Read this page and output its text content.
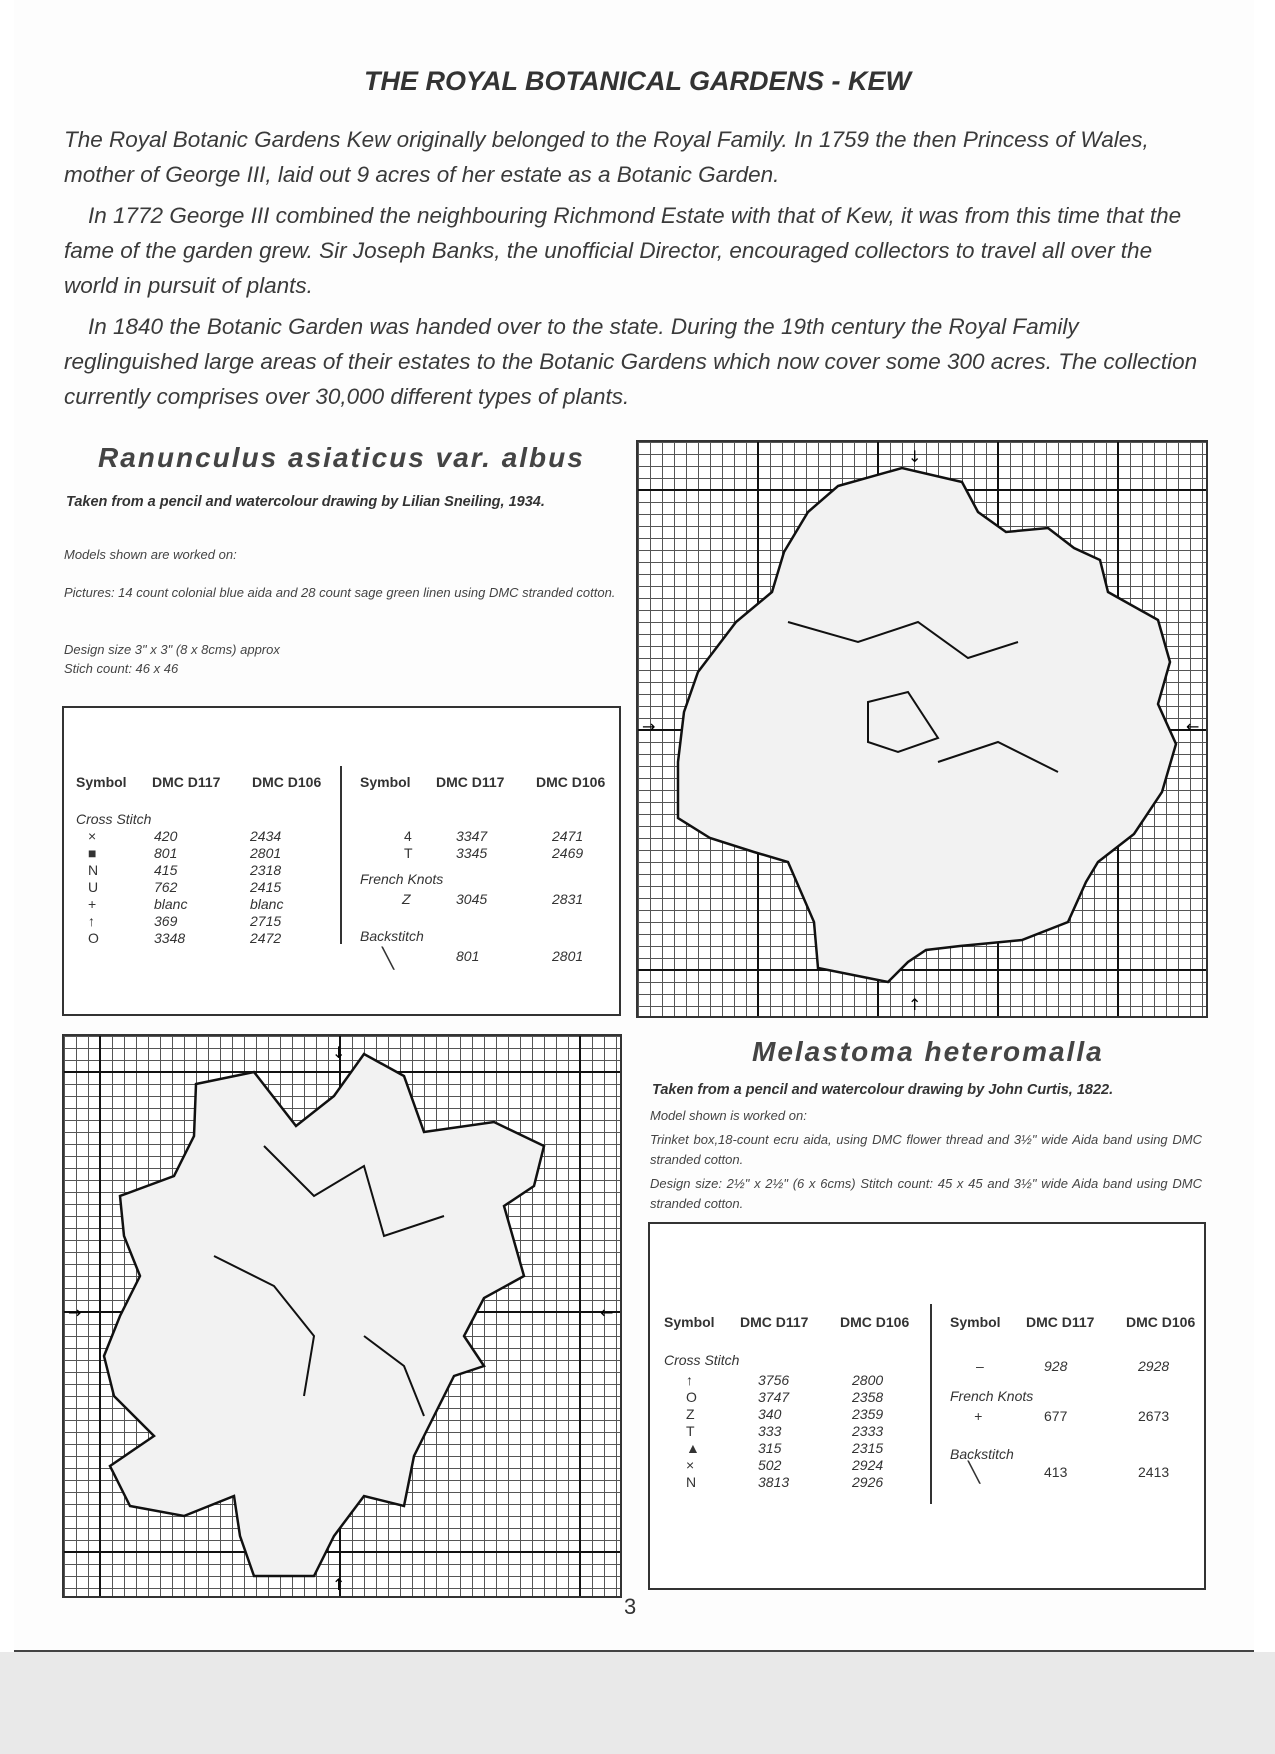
THE ROYAL BOTANICAL GARDENS - KEW

The Royal Botanic Gardens Kew originally belonged to the Royal Family. In 1759 the then Princess of Wales, mother of George III, laid out 9 acres of her estate as a Botanic Garden.

In 1772 George III combined the neighbouring Richmond Estate with that of Kew, it was from this time that the fame of the garden grew. Sir Joseph Banks, the unofficial Director, encouraged collectors to travel all over the world in pursuit of plants.

In 1840 the Botanic Garden was handed over to the state. During the 19th century the Royal Family reglinguished large areas of their estates to the Botanic Gardens which now cover some 300 acres. The collection currently comprises over 30,000 different types of plants.

Ranunculus asiaticus var. albus
Taken from a pencil and watercolour drawing by Lilian Sneiling, 1934.
Models shown are worked on:
Pictures: 14 count colonial blue aida and 28 count sage green linen using DMC stranded cotton.
Design size 3" x 3" (8 x 8cms) approx
Stich count: 46 x 46
Symbol DMC D117 DMC D106	Symbol DMC D117 DMC D106
Cross Stitch
×	420	2434
■	801	2801
N	415	2318
U	762	2415
+	blanc	blanc
↑	369	2715
O	3348	2472
4	3347	2471
T	3345	2469
French Knots
Z	3045	2831
Backstitch
╲	801	2801
↓
↑
→	←
↓
↑
→	←
Melastoma heteromalla
Taken from a pencil and watercolour drawing by John Curtis, 1822.
Model shown is worked on:
Trinket box,18-count ecru aida, using DMC flower thread and 3½" wide Aida band using DMC stranded cotton.
Design size: 2½" x 2½" (6 x 6cms) Stitch count: 45 x 45 and 3½" wide Aida band using DMC stranded cotton.
Symbol DMC D117 DMC D106	Symbol DMC D117 DMC D106
Cross Stitch
↑	3756	2800
O	3747	2358
Z	340	2359
T	333	2333
▲	315	2315
×	502	2924
N	3813	2926
–	928	2928
French Knots
+	677	2673
Backstitch
╲	413	2413
3
